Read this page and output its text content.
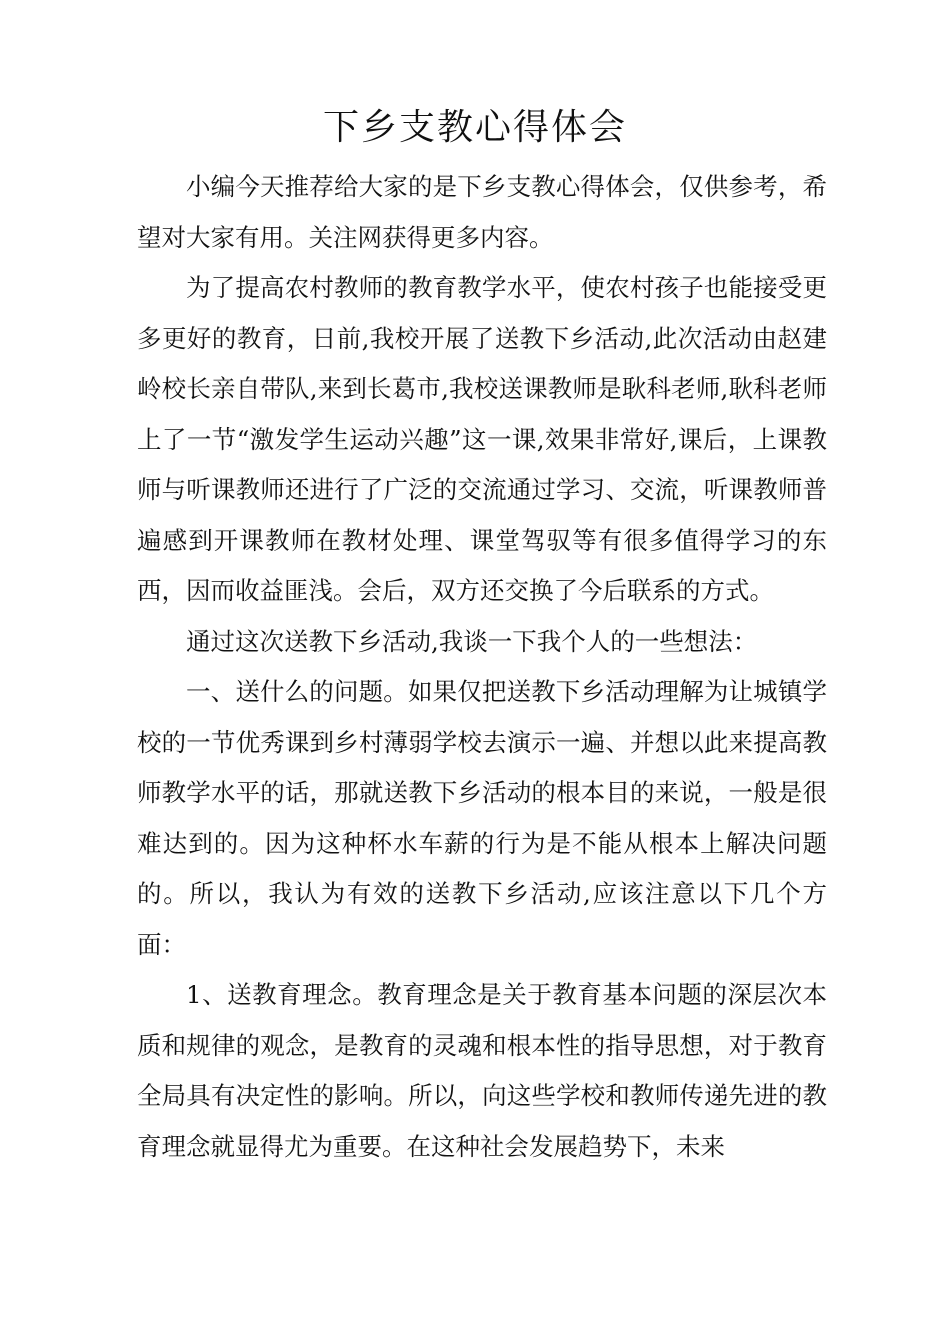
下乡支教心得体会

小编今天推荐给大家的是下乡支教心得体会，仅供参考，希望对大家有用。关注网获得更多内容。

为了提高农村教师的教育教学水平，使农村孩子也能接受更多更好的教育，日前,我校开展了送教下乡活动,此次活动由赵建岭校长亲自带队,来到长葛市,我校送课教师是耿科老师,耿科老师上了一节“激发学生运动兴趣”这一课,效果非常好,课后，上课教师与听课教师还进行了广泛的交流通过学习、交流，听课教师普遍感到开课教师在教材处理、课堂驾驭等有很多值得学习的东西，因而收益匪浅。会后，双方还交换了今后联系的方式。

通过这次送教下乡活动,我谈一下我个人的一些想法：

一、送什么的问题。如果仅把送教下乡活动理解为让城镇学校的一节优秀课到乡村薄弱学校去演示一遍、并想以此来提高教师教学水平的话，那就送教下乡活动的根本目的来说，一般是很难达到的。因为这种杯水车薪的行为是不能从根本上解决问题的。所以，我认为有效的送教下乡活动,应该注意以下几个方面：

1、送教育理念。教育理念是关于教育基本问题的深层次本质和规律的观念，是教育的灵魂和根本性的指导思想，对于教育全局具有决定性的影响。所以，向这些学校和教师传递先进的教育理念就显得尤为重要。在这种社会发展趋势下，未来
